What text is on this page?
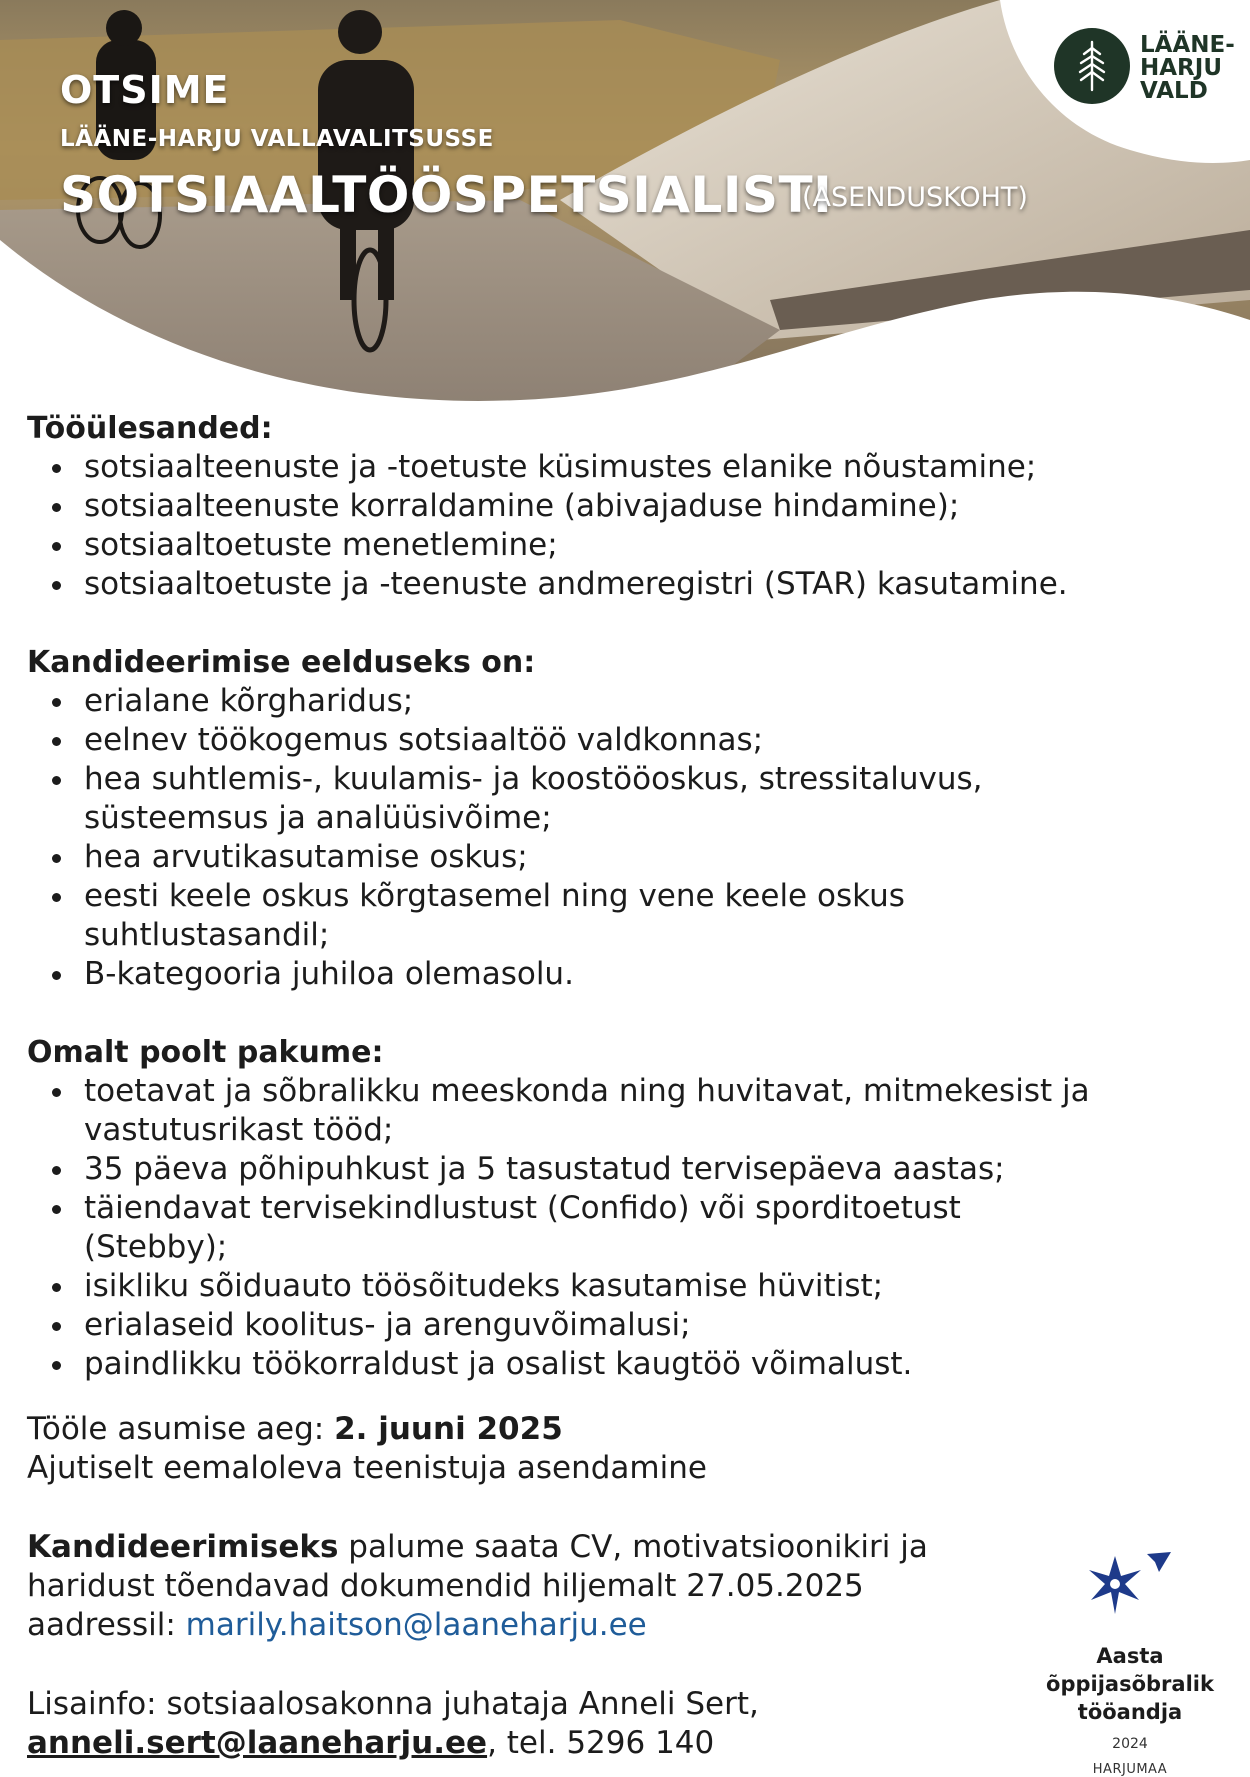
OTSIME
LÄÄNE-HARJU VALLAVALITSUSSE
SOTSIAALTÖÖSPETSIALISTI
(ASENDUSKOHT)
LÄÄNE-
HARJU
VALD
Tööülesanded:
sotsiaalteenuste ja -toetuste küsimustes elanike nõustamine;
sotsiaalteenuste korraldamine (abivajaduse hindamine);
sotsiaaltoetuste menetlemine;
sotsiaaltoetuste ja -teenuste andmeregistri (STAR) kasutamine.
Kandideerimise eelduseks on:
erialane kõrgharidus;
eelnev töökogemus sotsiaaltöö valdkonnas;
hea suhtlemis-, kuulamis- ja koostööoskus, stressitaluvus, süsteemsus ja analüüsivõime;
hea arvutikasutamise oskus;
eesti keele oskus kõrgtasemel ning vene keele oskus suhtlustasandil;
B-kategooria juhiloa olemasolu.
Omalt poolt pakume:
toetavat ja sõbralikku meeskonda ning huvitavat, mitmekesist ja vastutusrikast tööd;
35 päeva põhipuhkust ja 5 tasustatud tervisepäeva aastas;
täiendavat tervisekindlustust (Confido) või sporditoetust (Stebby);
isikliku sõiduauto töösõitudeks kasutamise hüvitist;
erialaseid koolitus- ja arenguvõimalusi;
paindlikku töökorraldust ja osalist kaugtöö võimalust.

Tööle asumise aeg: 2. juuni 2025

Ajutiselt eemaloleva teenistuja asendamine

Kandideerimiseks palume saata CV, motivatsioonikiri ja

haridust tõendavad dokumendid hiljemalt 27.05.2025

aadressil: marily.haitson@laaneharju.ee

Lisainfo: sotsiaalosakonna juhataja Anneli Sert,

anneli.sert@laaneharju.ee, tel. 5296 140

Aasta õppijasõbralik tööandja
2024
HARJUMAA
